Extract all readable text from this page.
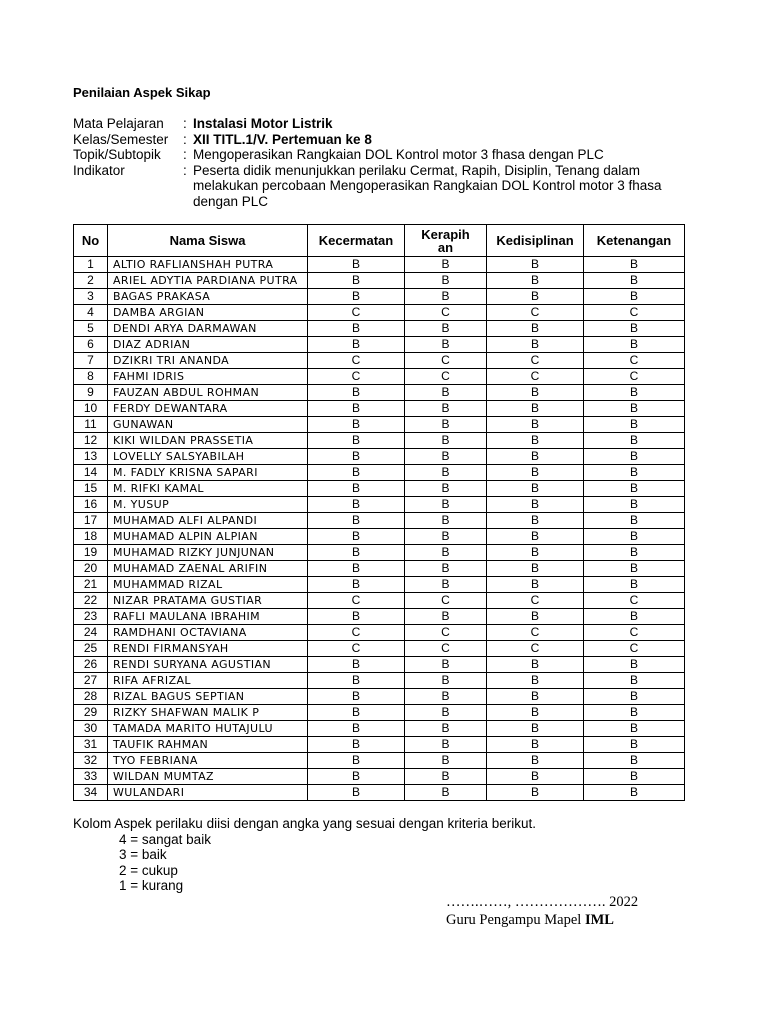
Penilaian Aspek Sikap
Mata Pelajaran	: Instalasi Motor Listrik
Kelas/Semester	: XII TITL.1/V. Pertemuan ke 8
Topik/Subtopik	: Mengoperasikan Rangkaian DOL Kontrol motor 3 fhasa dengan PLC
Indikator	: Peserta didik menunjukkan perilaku Cermat, Rapih, Disiplin, Tenang dalam melakukan percobaan Mengoperasikan Rangkaian DOL Kontrol motor 3 fhasa dengan PLC
No	Nama Siswa	Kecermatan	Kerapihan	Kedisiplinan	Ketenangan
1	ALTIO RAFLIANSHAH PUTRA	B	B	B	B
2	ARIEL ADYTIA PARDIANA PUTRA	B	B	B	B
3	BAGAS PRAKASA	B	B	B	B
4	DAMBA ARGIAN	C	C	C	C
5	DENDI ARYA DARMAWAN	B	B	B	B
6	DIAZ ADRIAN	B	B	B	B
7	DZIKRI TRI ANANDA	C	C	C	C
8	FAHMI IDRIS	C	C	C	C
9	FAUZAN ABDUL ROHMAN	B	B	B	B
10	FERDY DEWANTARA	B	B	B	B
11	GUNAWAN	B	B	B	B
12	KIKI WILDAN PRASSETIA	B	B	B	B
13	LOVELLY SALSYABILAH	B	B	B	B
14	M. FADLY KRISNA SAPARI	B	B	B	B
15	M. RIFKI KAMAL	B	B	B	B
16	M. YUSUP	B	B	B	B
17	MUHAMAD ALFI ALPANDI	B	B	B	B
18	MUHAMAD ALPIN ALPIAN	B	B	B	B
19	MUHAMAD RIZKY JUNJUNAN	B	B	B	B
20	MUHAMAD ZAENAL ARIFIN	B	B	B	B
21	MUHAMMAD RIZAL	B	B	B	B
22	NIZAR PRATAMA GUSTIAR	C	C	C	C
23	RAFLI MAULANA IBRAHIM	B	B	B	B
24	RAMDHANI OCTAVIANA	C	C	C	C
25	RENDI FIRMANSYAH	C	C	C	C
26	RENDI SURYANA AGUSTIAN	B	B	B	B
27	RIFA AFRIZAL	B	B	B	B
28	RIZAL BAGUS SEPTIAN	B	B	B	B
29	RIZKY SHAFWAN MALIK P	B	B	B	B
30	TAMADA MARITO HUTAJULU	B	B	B	B
31	TAUFIK RAHMAN	B	B	B	B
32	TYO FEBRIANA	B	B	B	B
33	WILDAN MUMTAZ	B	B	B	B
34	WULANDARI	B	B	B	B
Kolom Aspek perilaku diisi dengan angka yang sesuai dengan kriteria berikut.
4 = sangat baik
3 = baik
2 = cukup
1 = kurang
…….……, ………………. 2022
Guru Pengampu Mapel IML
